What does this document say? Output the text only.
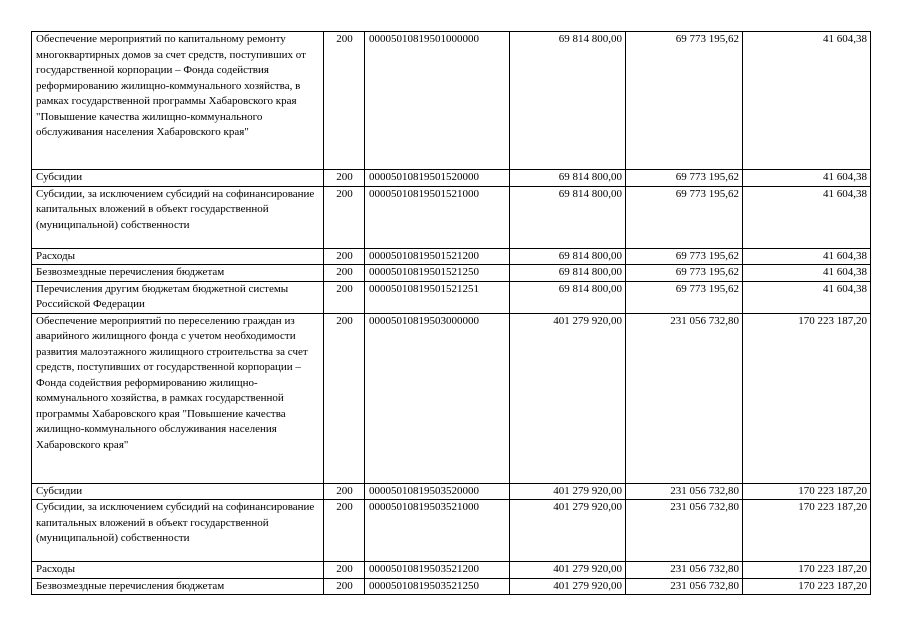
Обеспечение мероприятий по капитальному ремонту многоквартирных домов за счет средств, поступивших от государственной корпорации – Фонда содействия реформированию жилищно-коммунального хозяйства, в рамках государственной программы Хабаровского края "Повышение качества жилищно-коммунального обслуживания населения Хабаровского края"	200	00005010819501000000	69 814 800,00	69 773 195,62	41 604,38
Субсидии	200	00005010819501520000	69 814 800,00	69 773 195,62	41 604,38
Субсидии, за исключением субсидий на софинансирование капитальных вложений в объект государственной (муниципальной) собственности	200	00005010819501521000	69 814 800,00	69 773 195,62	41 604,38
Расходы	200	00005010819501521200	69 814 800,00	69 773 195,62	41 604,38
Безвозмездные перечисления бюджетам	200	00005010819501521250	69 814 800,00	69 773 195,62	41 604,38
Перечисления другим бюджетам бюджетной системы Российской Федерации	200	00005010819501521251	69 814 800,00	69 773 195,62	41 604,38
Обеспечение мероприятий по переселению граждан из аварийного жилищного фонда с учетом необходимости развития малоэтажного жилищного строительства за счет средств, поступивших от государственной корпорации – Фонда содействия реформированию жилищно-коммунального хозяйства, в рамках государственной программы Хабаровского края "Повышение качества жилищно-коммунального обслуживания населения Хабаровского края"	200	00005010819503000000	401 279 920,00	231 056 732,80	170 223 187,20
Субсидии	200	00005010819503520000	401 279 920,00	231 056 732,80	170 223 187,20
Субсидии, за исключением субсидий на софинансирование капитальных вложений в объект государственной (муниципальной) собственности	200	00005010819503521000	401 279 920,00	231 056 732,80	170 223 187,20
Расходы	200	00005010819503521200	401 279 920,00	231 056 732,80	170 223 187,20
Безвозмездные перечисления бюджетам	200	00005010819503521250	401 279 920,00	231 056 732,80	170 223 187,20
